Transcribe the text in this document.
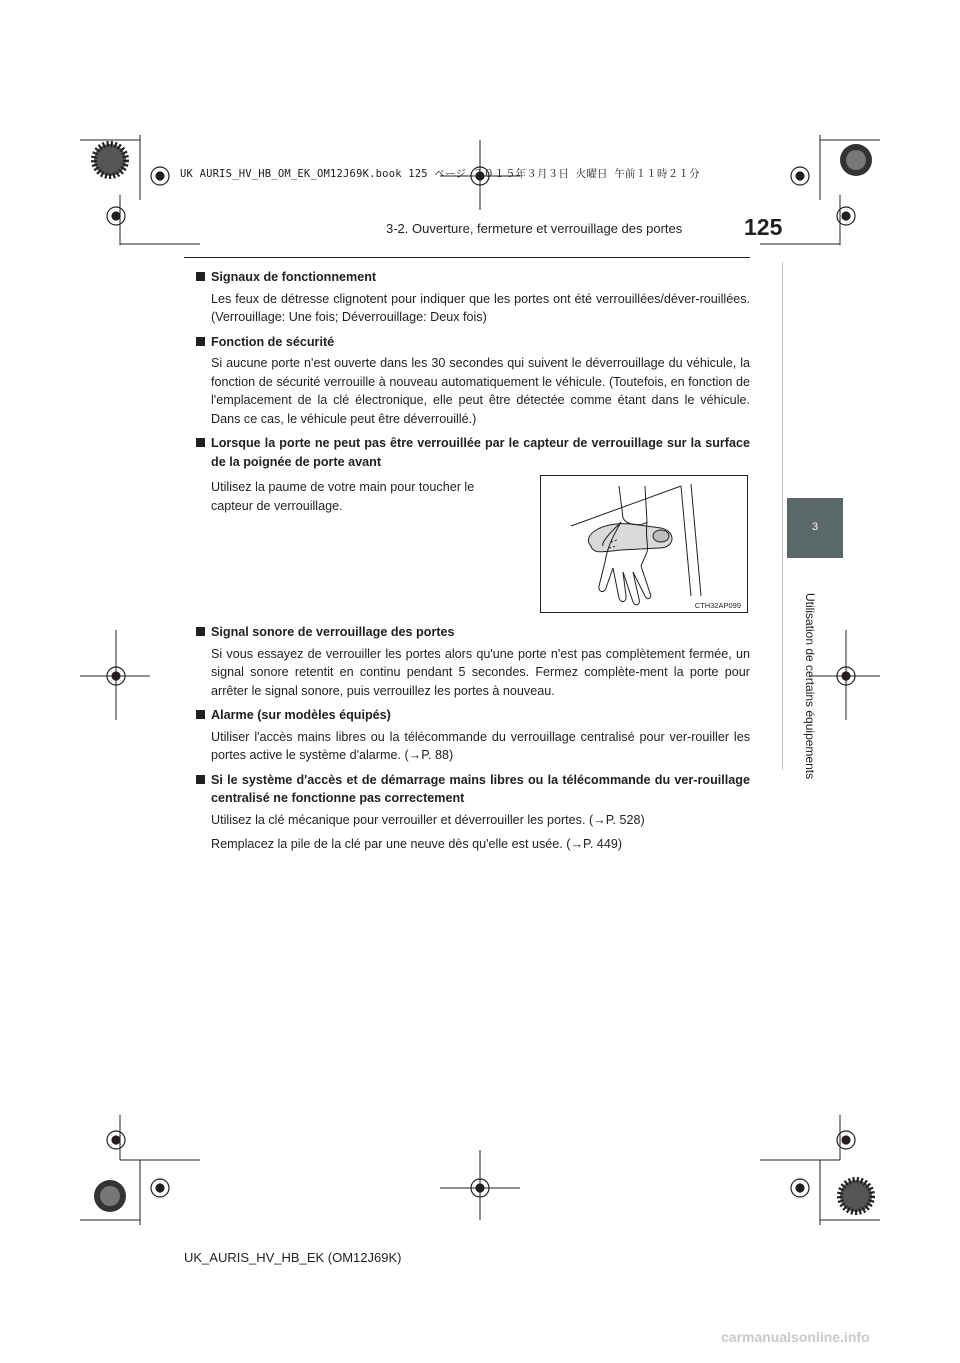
UK AURIS_HV_HB_OM_EK_OM12J69K.book 125 ページ ２０１５年３月３日 火曜日 午前１１時２１分
3-2. Ouverture, fermeture et verrouillage des portes	125
3
Utilisation de certains équipements
Signaux de fonctionnement
Les feux de détresse clignotent pour indiquer que les portes ont été verrouillées/déver-rouillées. (Verrouillage: Une fois; Déverrouillage: Deux fois)
Fonction de sécurité
Si aucune porte n'est ouverte dans les 30 secondes qui suivent le déverrouillage du véhicule, la fonction de sécurité verrouille à nouveau automatiquement le véhicule. (Toutefois, en fonction de l'emplacement de la clé électronique, elle peut être détectée comme étant dans le véhicule. Dans ce cas, le véhicule peut être déverrouillé.)
Lorsque la porte ne peut pas être verrouillée par le capteur de verrouillage sur la surface de la poignée de porte avant
Utilisez la paume de votre main pour toucher le capteur de verrouillage.
CTH32AP099
Signal sonore de verrouillage des portes
Si vous essayez de verrouiller les portes alors qu'une porte n'est pas complètement fermée, un signal sonore retentit en continu pendant 5 secondes. Fermez complète-ment la porte pour arrêter le signal sonore, puis verrouillez les portes à nouveau.
Alarme (sur modèles équipés)
Utiliser l'accès mains libres ou la télécommande du verrouillage centralisé pour ver-rouiller les portes active le système d'alarme. (→P. 88)
Si le système d'accès et de démarrage mains libres ou la télécommande du ver-rouillage centralisé ne fonctionne pas correctement
Utilisez la clé mécanique pour verrouiller et déverrouiller les portes. (→P. 528)
Remplacez la pile de la clé par une neuve dès qu'elle est usée. (→P. 449)
UK_AURIS_HV_HB_EK (OM12J69K)
carmanualsonline.info
